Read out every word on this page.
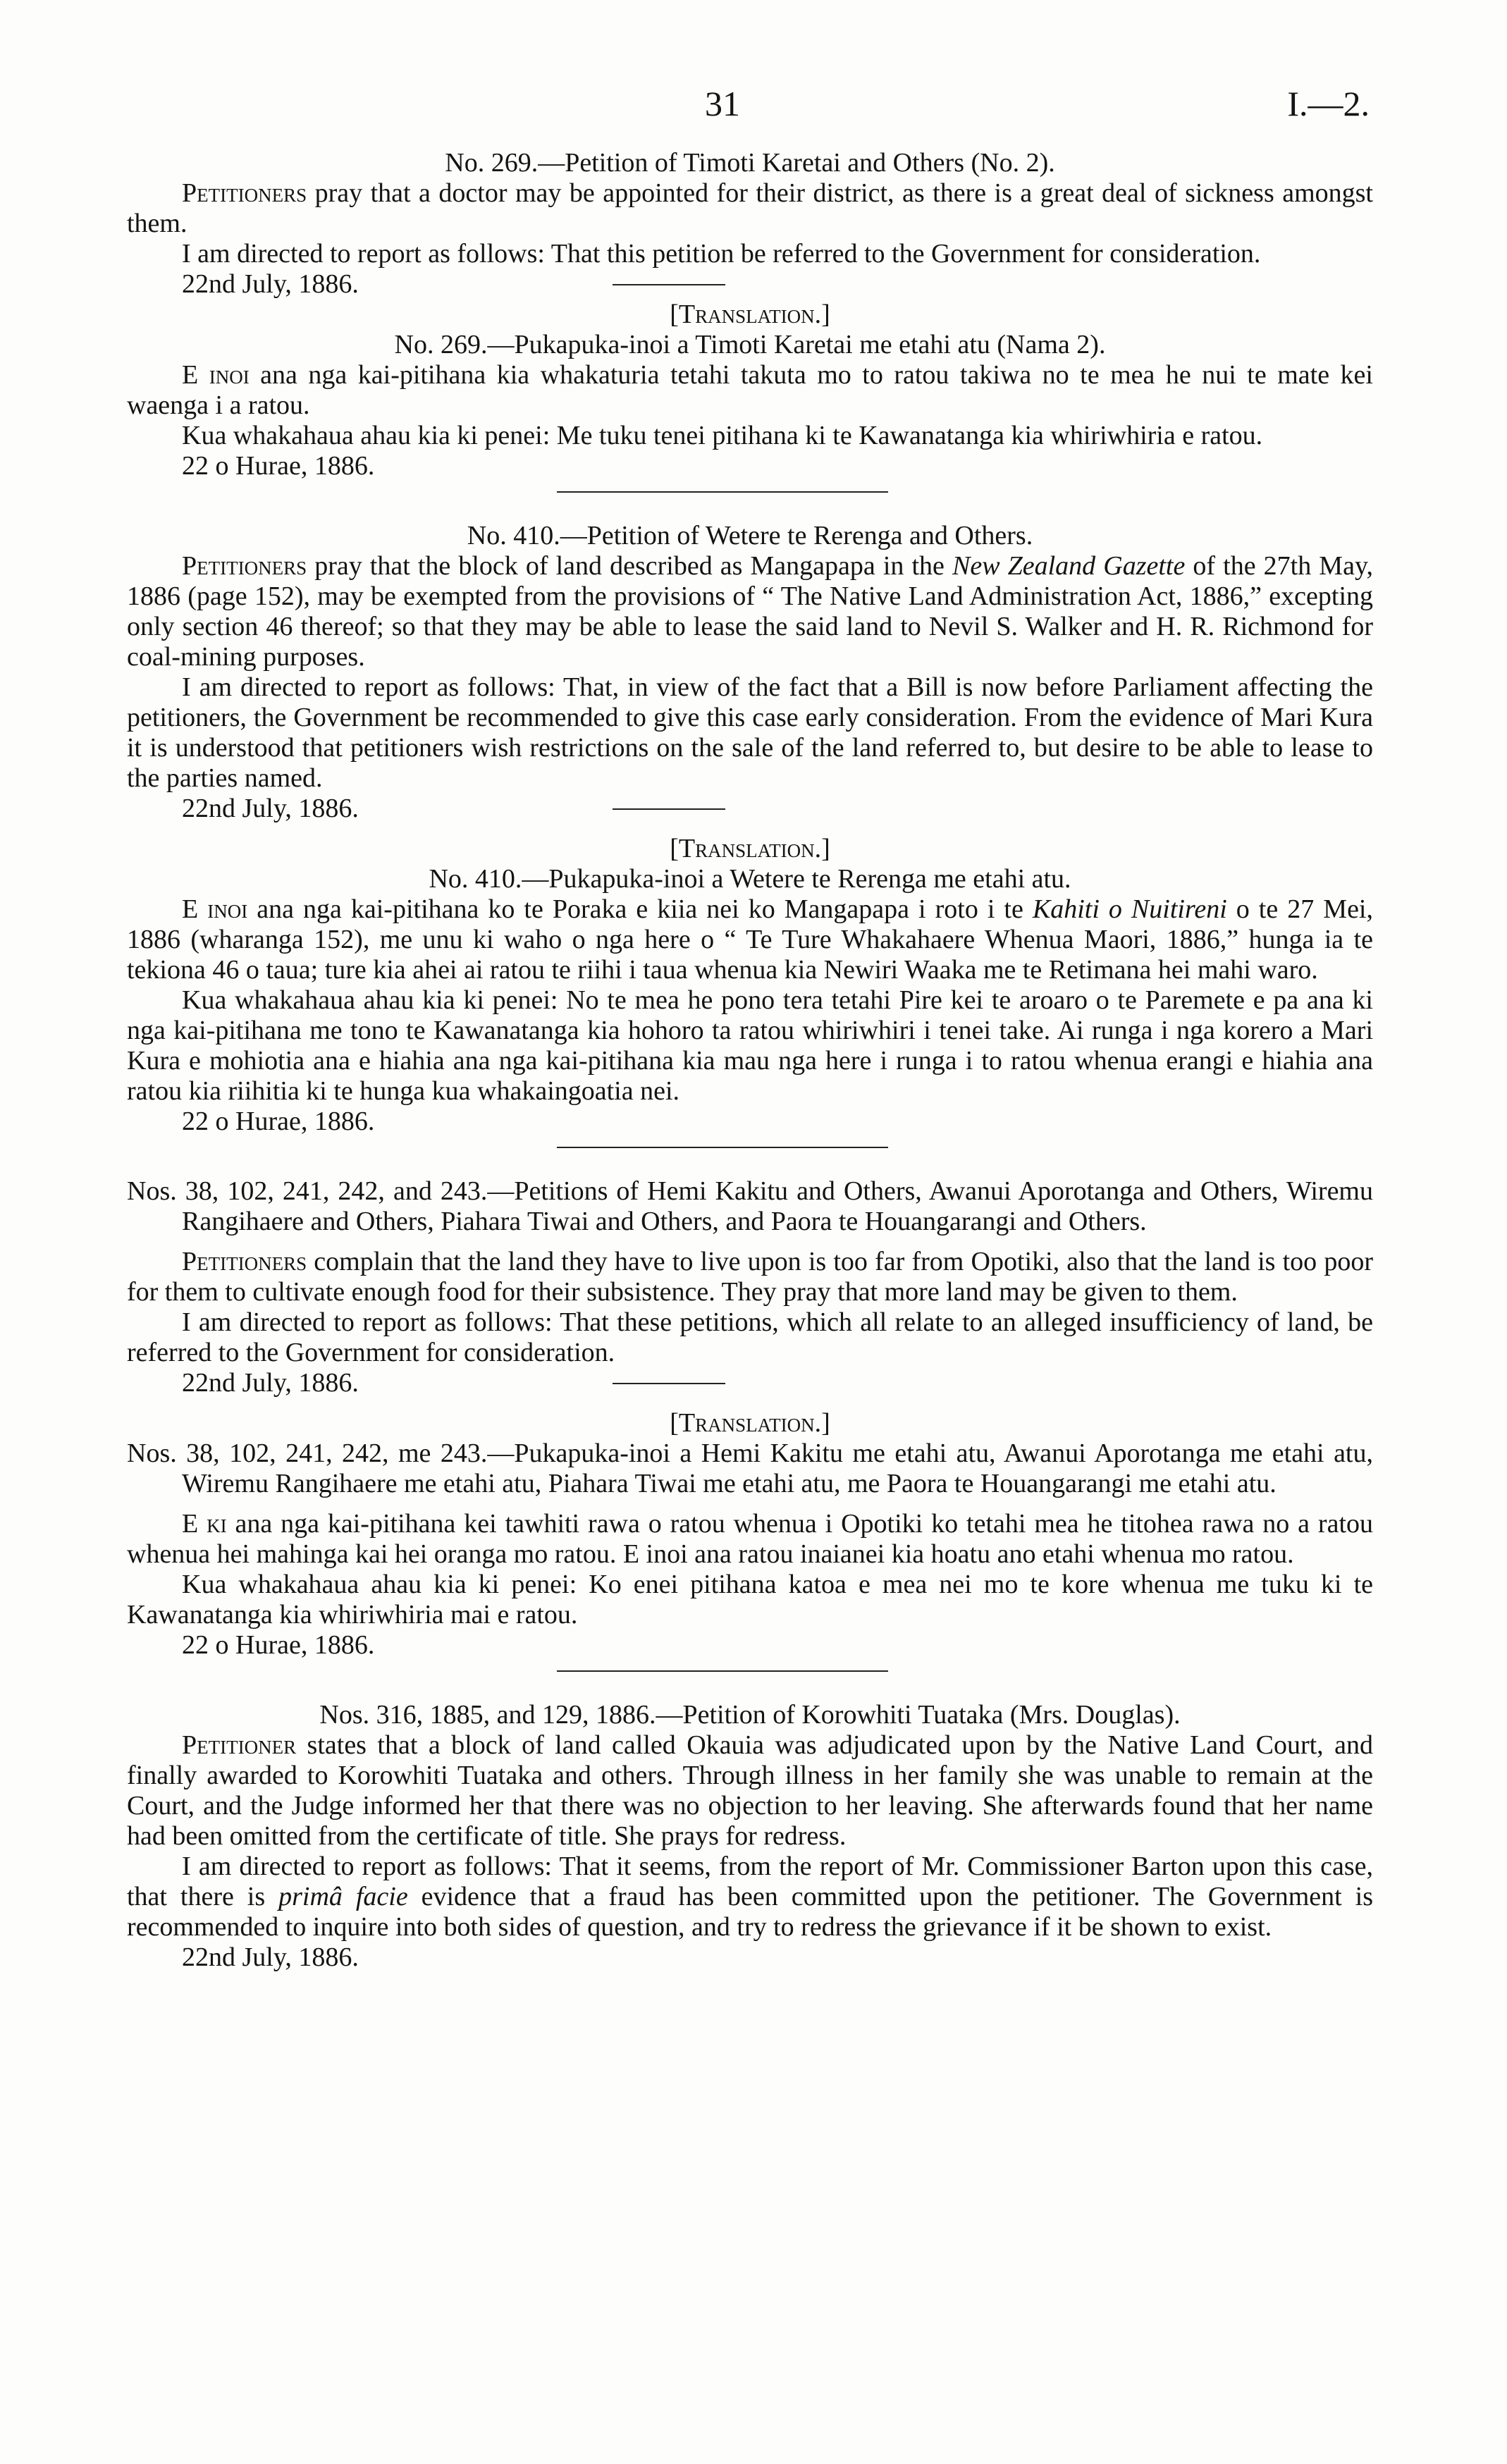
31	I.—2.

No. 269.—Petition of Timoti Karetai and Others (No. 2).

Petitioners pray that a doctor may be appointed for their district, as there is a great deal of sickness amongst them.

I am directed to report as follows: That this petition be referred to the Government for consideration.

22nd July, 1886.

[Translation.]

No. 269.—Pukapuka-inoi a Timoti Karetai me etahi atu (Nama 2).

E inoi ana nga kai-pitihana kia whakaturia tetahi takuta mo to ratou takiwa no te mea he nui te mate kei waenga i a ratou.

Kua whakahaua ahau kia ki penei: Me tuku tenei pitihana ki te Kawanatanga kia whiriwhiria e ratou.

22 o Hurae, 1886.

No. 410.—Petition of Wetere te Rerenga and Others.

Petitioners pray that the block of land described as Mangapapa in the New Zealand Gazette of the 27th May, 1886 (page 152), may be exempted from the provisions of “ The Native Land Administration Act, 1886,” excepting only section 46 thereof; so that they may be able to lease the said land to Nevil S. Walker and H. R. Richmond for coal-mining purposes.

I am directed to report as follows: That, in view of the fact that a Bill is now before Parliament affecting the petitioners, the Government be recommended to give this case early consideration. From the evidence of Mari Kura it is understood that petitioners wish restrictions on the sale of the land referred to, but desire to be able to lease to the parties named.

22nd July, 1886.

[Translation.]

No. 410.—Pukapuka-inoi a Wetere te Rerenga me etahi atu.

E inoi ana nga kai-pitihana ko te Poraka e kiia nei ko Mangapapa i roto i te Kahiti o Nuitireni o te 27 Mei, 1886 (wharanga 152), me unu ki waho o nga here o “ Te Ture Whakahaere Whenua Maori, 1886,” hunga ia te tekiona 46 o taua; ture kia ahei ai ratou te riihi i taua whenua kia Newiri Waaka me te Retimana hei mahi waro.

Kua whakahaua ahau kia ki penei: No te mea he pono tera tetahi Pire kei te aroaro o te Paremete e pa ana ki nga kai-pitihana me tono te Kawanatanga kia hohoro ta ratou whiriwhiri i tenei take. Ai runga i nga korero a Mari Kura e mohiotia ana e hiahia ana nga kai-pitihana kia mau nga here i runga i to ratou whenua erangi e hiahia ana ratou kia riihitia ki te hunga kua whakaingoatia nei.

22 o Hurae, 1886.

Nos. 38, 102, 241, 242, and 243.—Petitions of Hemi Kakitu and Others, Awanui Aporotanga and Others, Wiremu Rangihaere and Others, Piahara Tiwai and Others, and Paora te Houangarangi and Others.

Petitioners complain that the land they have to live upon is too far from Opotiki, also that the land is too poor for them to cultivate enough food for their subsistence. They pray that more land may be given to them.

I am directed to report as follows: That these petitions, which all relate to an alleged insufficiency of land, be referred to the Government for consideration.

22nd July, 1886.

[Translation.]

Nos. 38, 102, 241, 242, me 243.—Pukapuka-inoi a Hemi Kakitu me etahi atu, Awanui Aporotanga me etahi atu, Wiremu Rangihaere me etahi atu, Piahara Tiwai me etahi atu, me Paora te Houangarangi me etahi atu.

E ki ana nga kai-pitihana kei tawhiti rawa o ratou whenua i Opotiki ko tetahi mea he titohea rawa no a ratou whenua hei mahinga kai hei oranga mo ratou. E inoi ana ratou inaianei kia hoatu ano etahi whenua mo ratou.

Kua whakahaua ahau kia ki penei: Ko enei pitihana katoa e mea nei mo te kore whenua me tuku ki te Kawanatanga kia whiriwhiria mai e ratou.

22 o Hurae, 1886.

Nos. 316, 1885, and 129, 1886.—Petition of Korowhiti Tuataka (Mrs. Douglas).

Petitioner states that a block of land called Okauia was adjudicated upon by the Native Land Court, and finally awarded to Korowhiti Tuataka and others. Through illness in her family she was unable to remain at the Court, and the Judge informed her that there was no objection to her leaving. She afterwards found that her name had been omitted from the certificate of title. She prays for redress.

I am directed to report as follows: That it seems, from the report of Mr. Commissioner Barton upon this case, that there is primâ facie evidence that a fraud has been committed upon the petitioner. The Government is recommended to inquire into both sides of question, and try to redress the grievance if it be shown to exist.

22nd July, 1886.
